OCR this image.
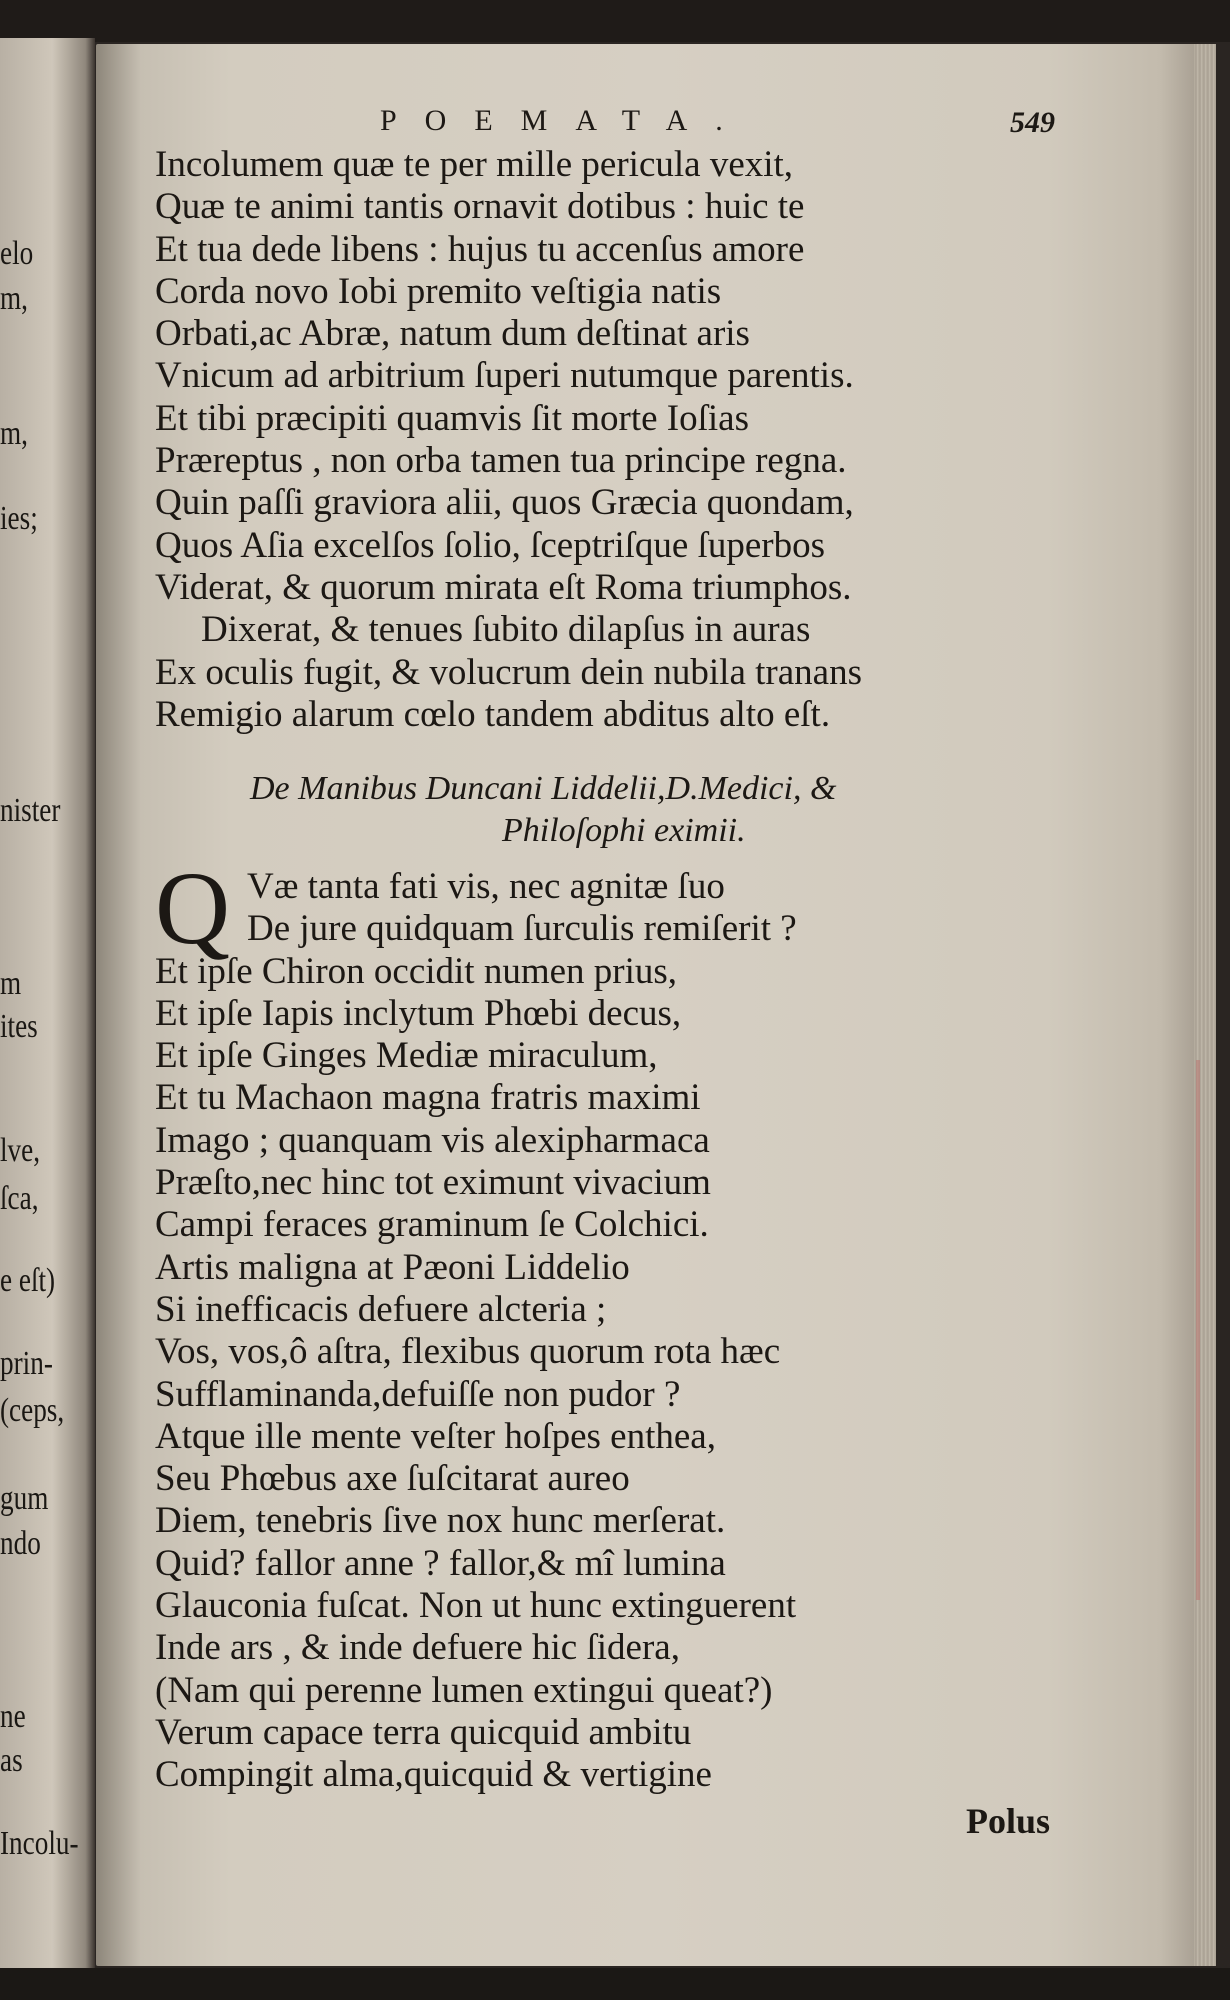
elo
m,
m,
ies;
nister
m
ites
lve,
ſca,
e eſt)
prin-
(ceps,
gum
ndo
ne
as
Incolu-
POEMATA.	549
Incolumem quæ te per mille pericula vexit,
Quæ te animi tantis ornavit dotibus : huic te
Et tua dede libens : hujus tu accenſus amore
Corda novo Iobi premito veſtigia natis
Orbati,ac Abræ, natum dum deſtinat aris
Vnicum ad arbitrium ſuperi nutumque parentis.
Et tibi præcipiti quamvis ſit morte Ioſias
Præreptus , non orba tamen tua principe regna.
Quin paſſi graviora alii, quos Græcia quondam,
Quos Aſia excelſos ſolio, ſceptriſque ſuperbos
Viderat, & quorum mirata eſt Roma triumphos.
Dixerat, & tenues ſubito dilapſus in auras
Ex oculis fugit, & volucrum dein nubila tranans
Remigio alarum cœlo tandem abditus alto eſt.
De Manibus Duncani Liddelii,D.Medici, &
Philoſophi eximii.
Q Væ tanta fati vis, nec agnitæ ſuo
De jure quidquam ſurculis remiſerit ?
Et ipſe Chiron occidit numen prius,
Et ipſe Iapis inclytum Phœbi decus,
Et ipſe Ginges Mediæ miraculum,
Et tu Machaon magna fratris maximi
Imago ; quanquam vis alexipharmaca
Præſto,nec hinc tot eximunt vivacium
Campi feraces graminum ſe Colchici.
Artis maligna at Pæoni Liddelio
Si inefficacis defuere alcteria ;
Vos, vos,ô aſtra, flexibus quorum rota hæc
Sufflaminanda,defuiſſe non pudor ?
Atque ille mente veſter hoſpes enthea,
Seu Phœbus axe ſuſcitarat aureo
Diem, tenebris ſive nox hunc merſerat.
Quid? fallor anne ? fallor,& mî lumina
Glauconia fuſcat. Non ut hunc extinguerent
Inde ars , & inde defuere hic ſidera,
(Nam qui perenne lumen extingui queat?)
Verum capace terra quicquid ambitu
Compingit alma,quicquid & vertigine
Polus
